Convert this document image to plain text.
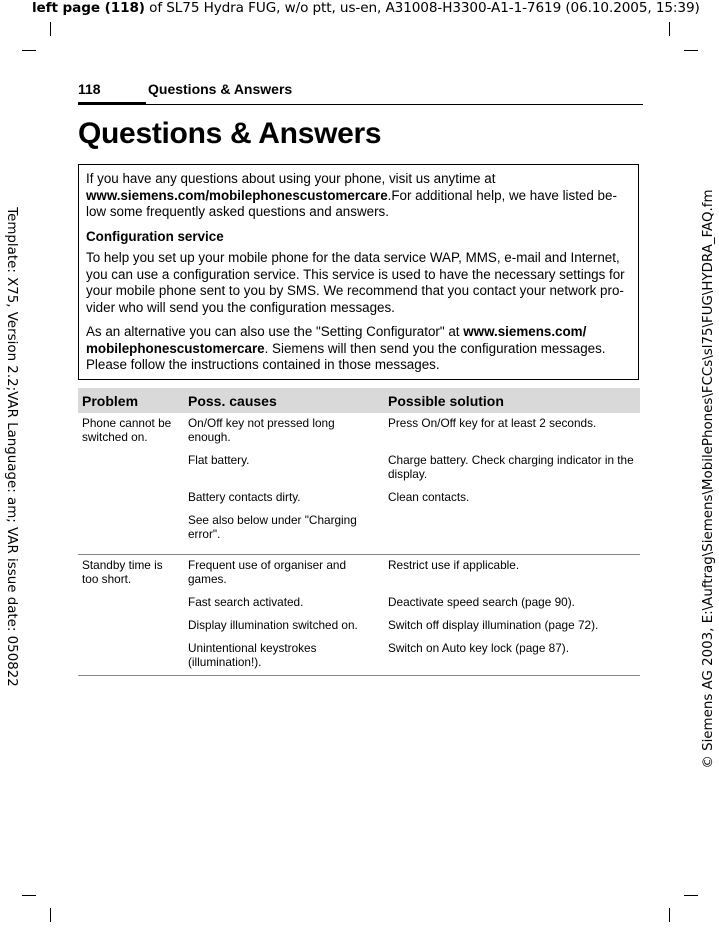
left page (118) of SL75 Hydra FUG, w/o ptt, us-en, A31008-H3300-A1-1-7619 (06.10.2005, 15:39)
Template: X75, Version 2.2;VAR Language: am; VAR issue date: 050822	© Siemens AG 2003, E:\Auftrag\Siemens\MobilePhones\FCCs\sl75\FUG\HYDRA_FAQ.fm
118	Questions & Answers
Questions & Answers

If you have any questions about using your phone, visit us anytime at www.siemens.com/mobilephonescustomercare.For additional help, we have listed be-low some frequently asked questions and answers.

Configuration service

To help you set up your mobile phone for the data service WAP, MMS, e-mail and Internet, you can use a configuration service. This service is used to have the necessary settings for your mobile phone sent to you by SMS. We recommend that you contact your network pro-vider who will send you the configuration messages.

As an alternative you can also use the "Setting Configurator" at www.siemens.com/ mobilephonescustomercare. Siemens will then send you the configuration messages. Please follow the instructions contained in those messages.

Problem	Poss. causes	Possible solution
Phone cannot be switched on.	On/Off key not pressed long enough.	Press On/Off key for at least 2 seconds.
	Flat battery.	Charge battery. Check charging indicator in the display.
	Battery contacts dirty.	Clean contacts.
	See also below under "Charging error".	
Standby time is too short.	Frequent use of organiser and games.	Restrict use if applicable.
	Fast search activated.	Deactivate speed search (page 90).
	Display illumination switched on.	Switch off display illumination (page 72).
	Unintentional keystrokes (illumination!).	Switch on Auto key lock (page 87).
